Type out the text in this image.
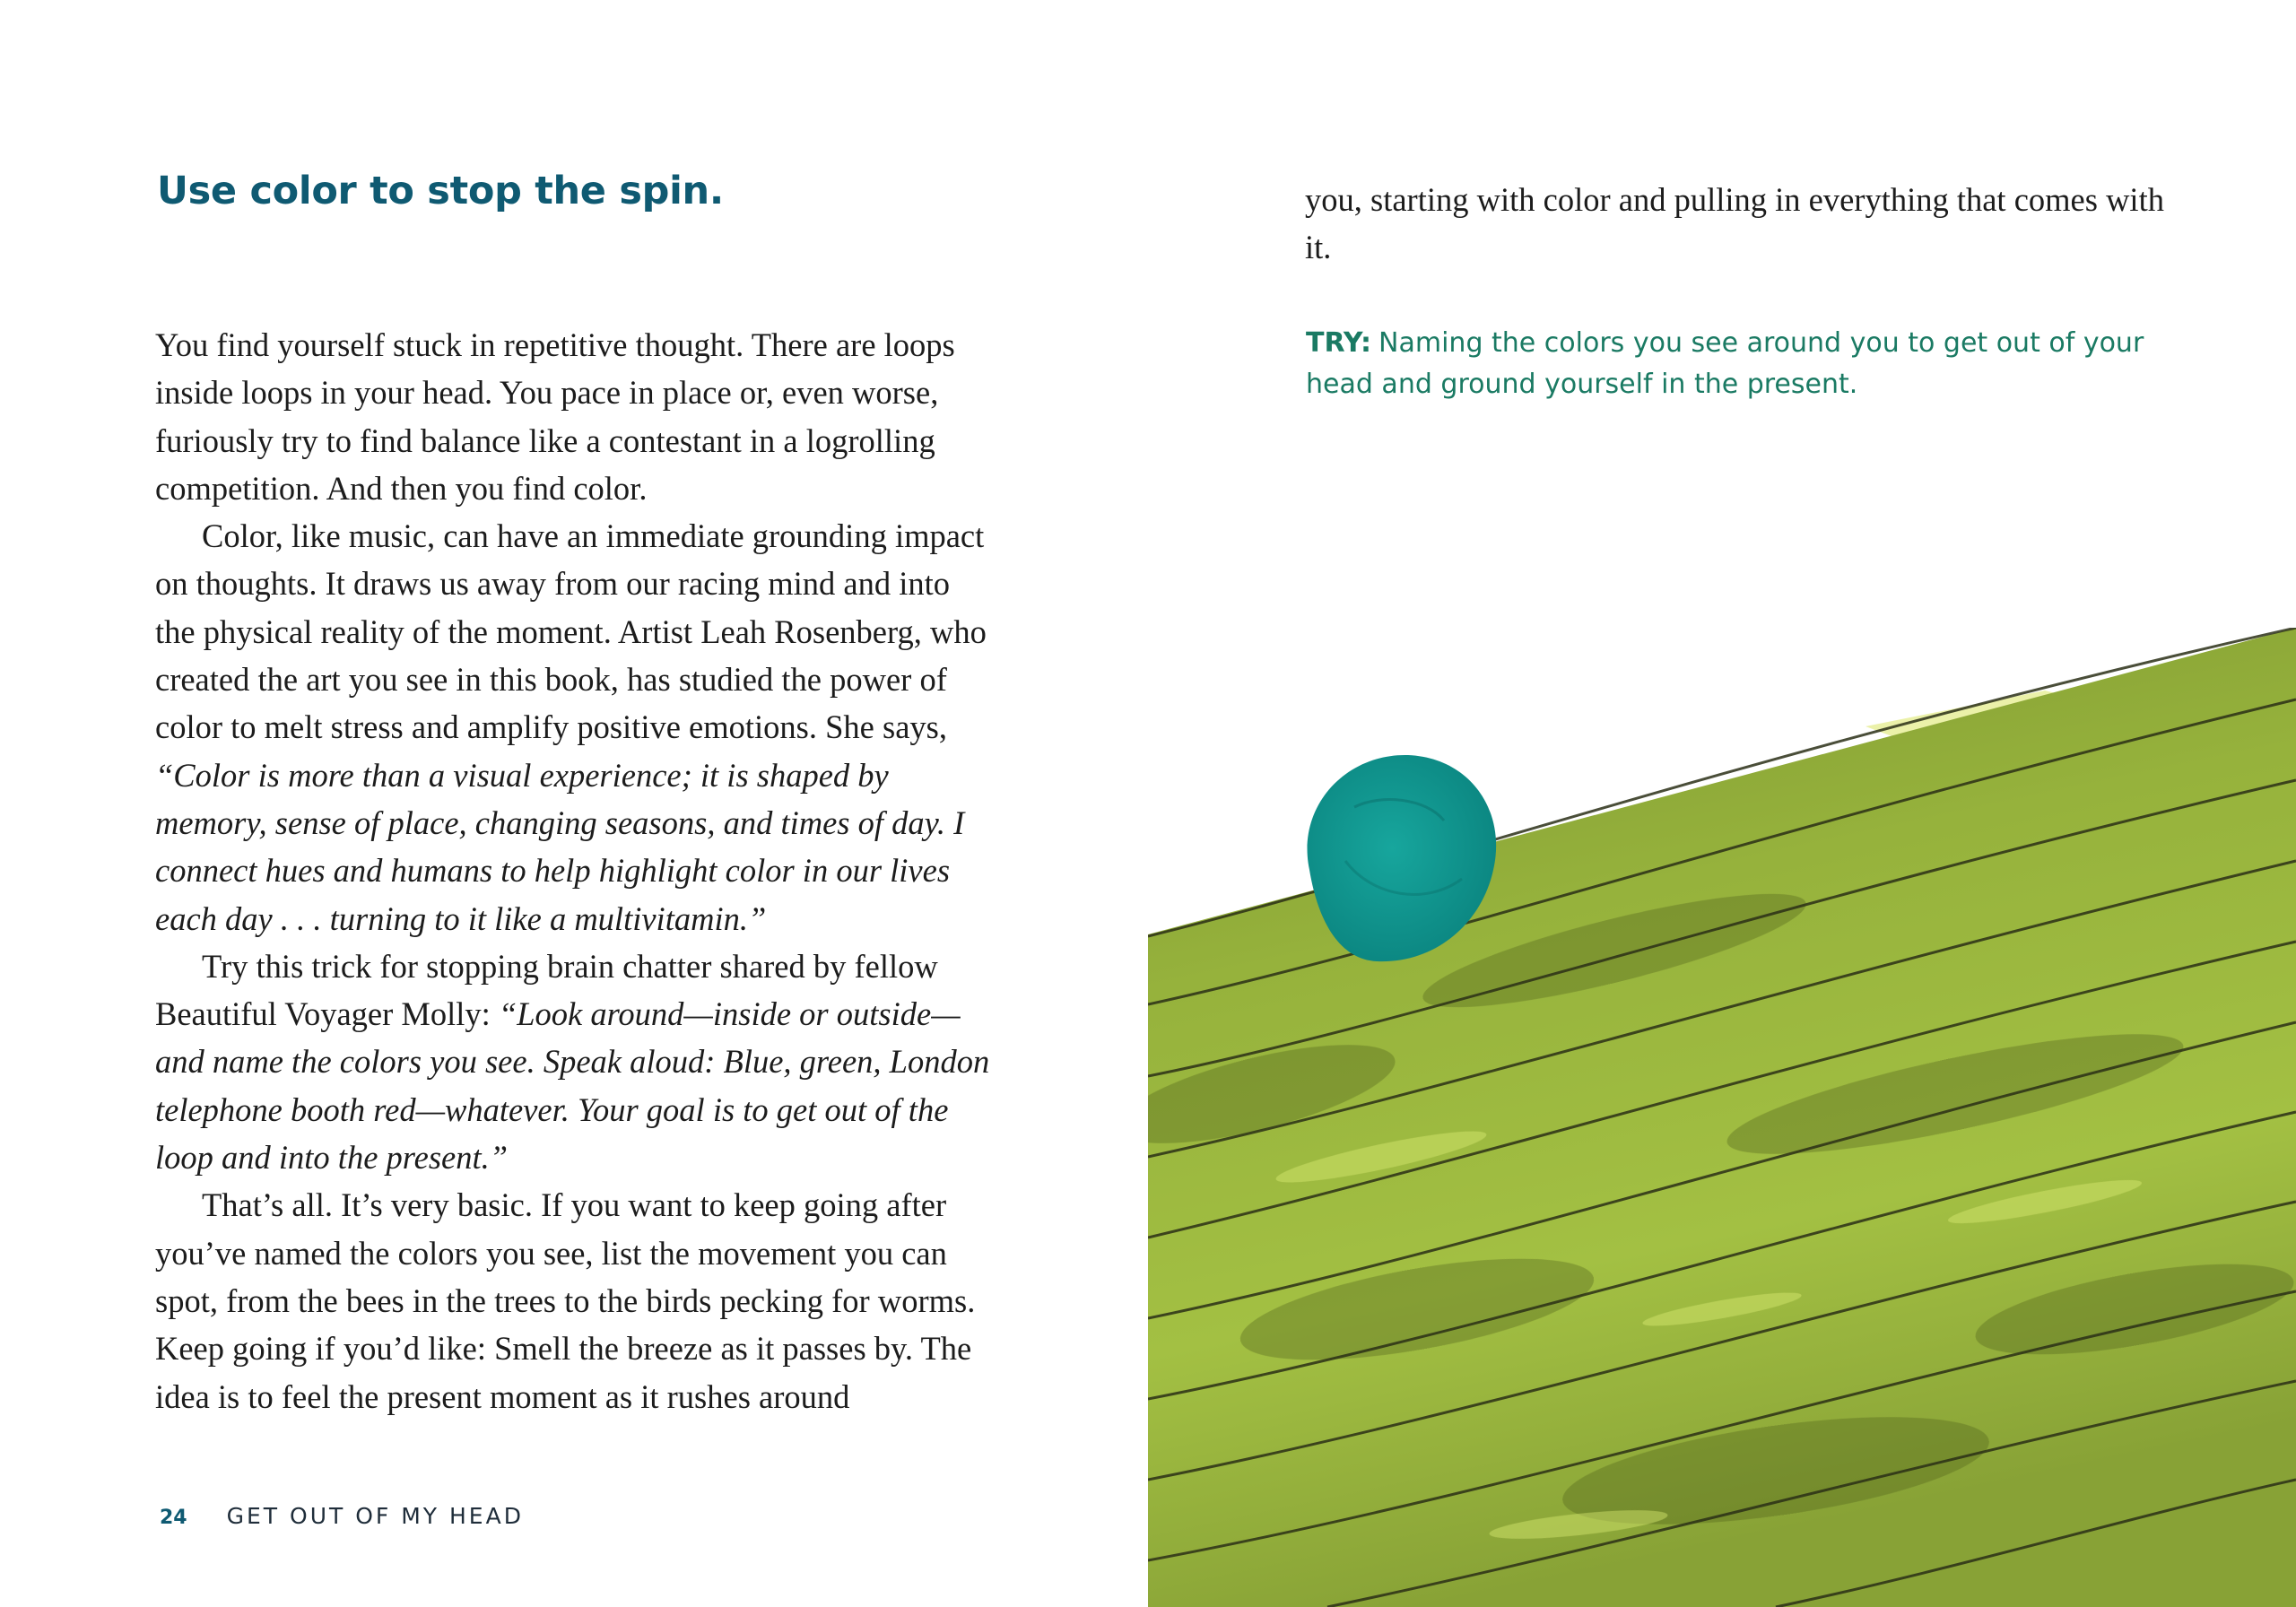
Use color to stop the spin.

You find yourself stuck in repetitive thought. There are loops inside loops in your head. You pace in place or, even worse, furiously try to find balance like a contestant in a logrolling competition. And then you find color.

Color, like music, can have an immediate grounding impact on thoughts. It draws us away from our racing mind and into the physical reality of the moment. Artist Leah Rosenberg, who created the art you see in this book, has studied the power of color to melt stress and amplify positive emotions. She says, “Color is more than a visual experience; it is shaped by memory, sense of place, changing seasons, and times of day. I connect hues and humans to help highlight color in our lives each day . . . turning to it like a multivitamin.”

Try this trick for stopping brain chatter shared by fellow Beautiful Voyager Molly: “Look around—inside or outside—and name the colors you see. Speak aloud: Blue, green, London telephone booth red—whatever. Your goal is to get out of the loop and into the present.”

That’s all. It’s very basic. If you want to keep going after you’ve named the colors you see, list the movement you can spot, from the bees in the trees to the birds pecking for worms. Keep going if you’d like: Smell the breeze as it passes by. The idea is to feel the present moment as it rushes around

24 GET OUT OF MY HEAD

you, starting with color and pulling in everything that comes with it.

TRY: Naming the colors you see around you to get out of your head and ground yourself in the present.
